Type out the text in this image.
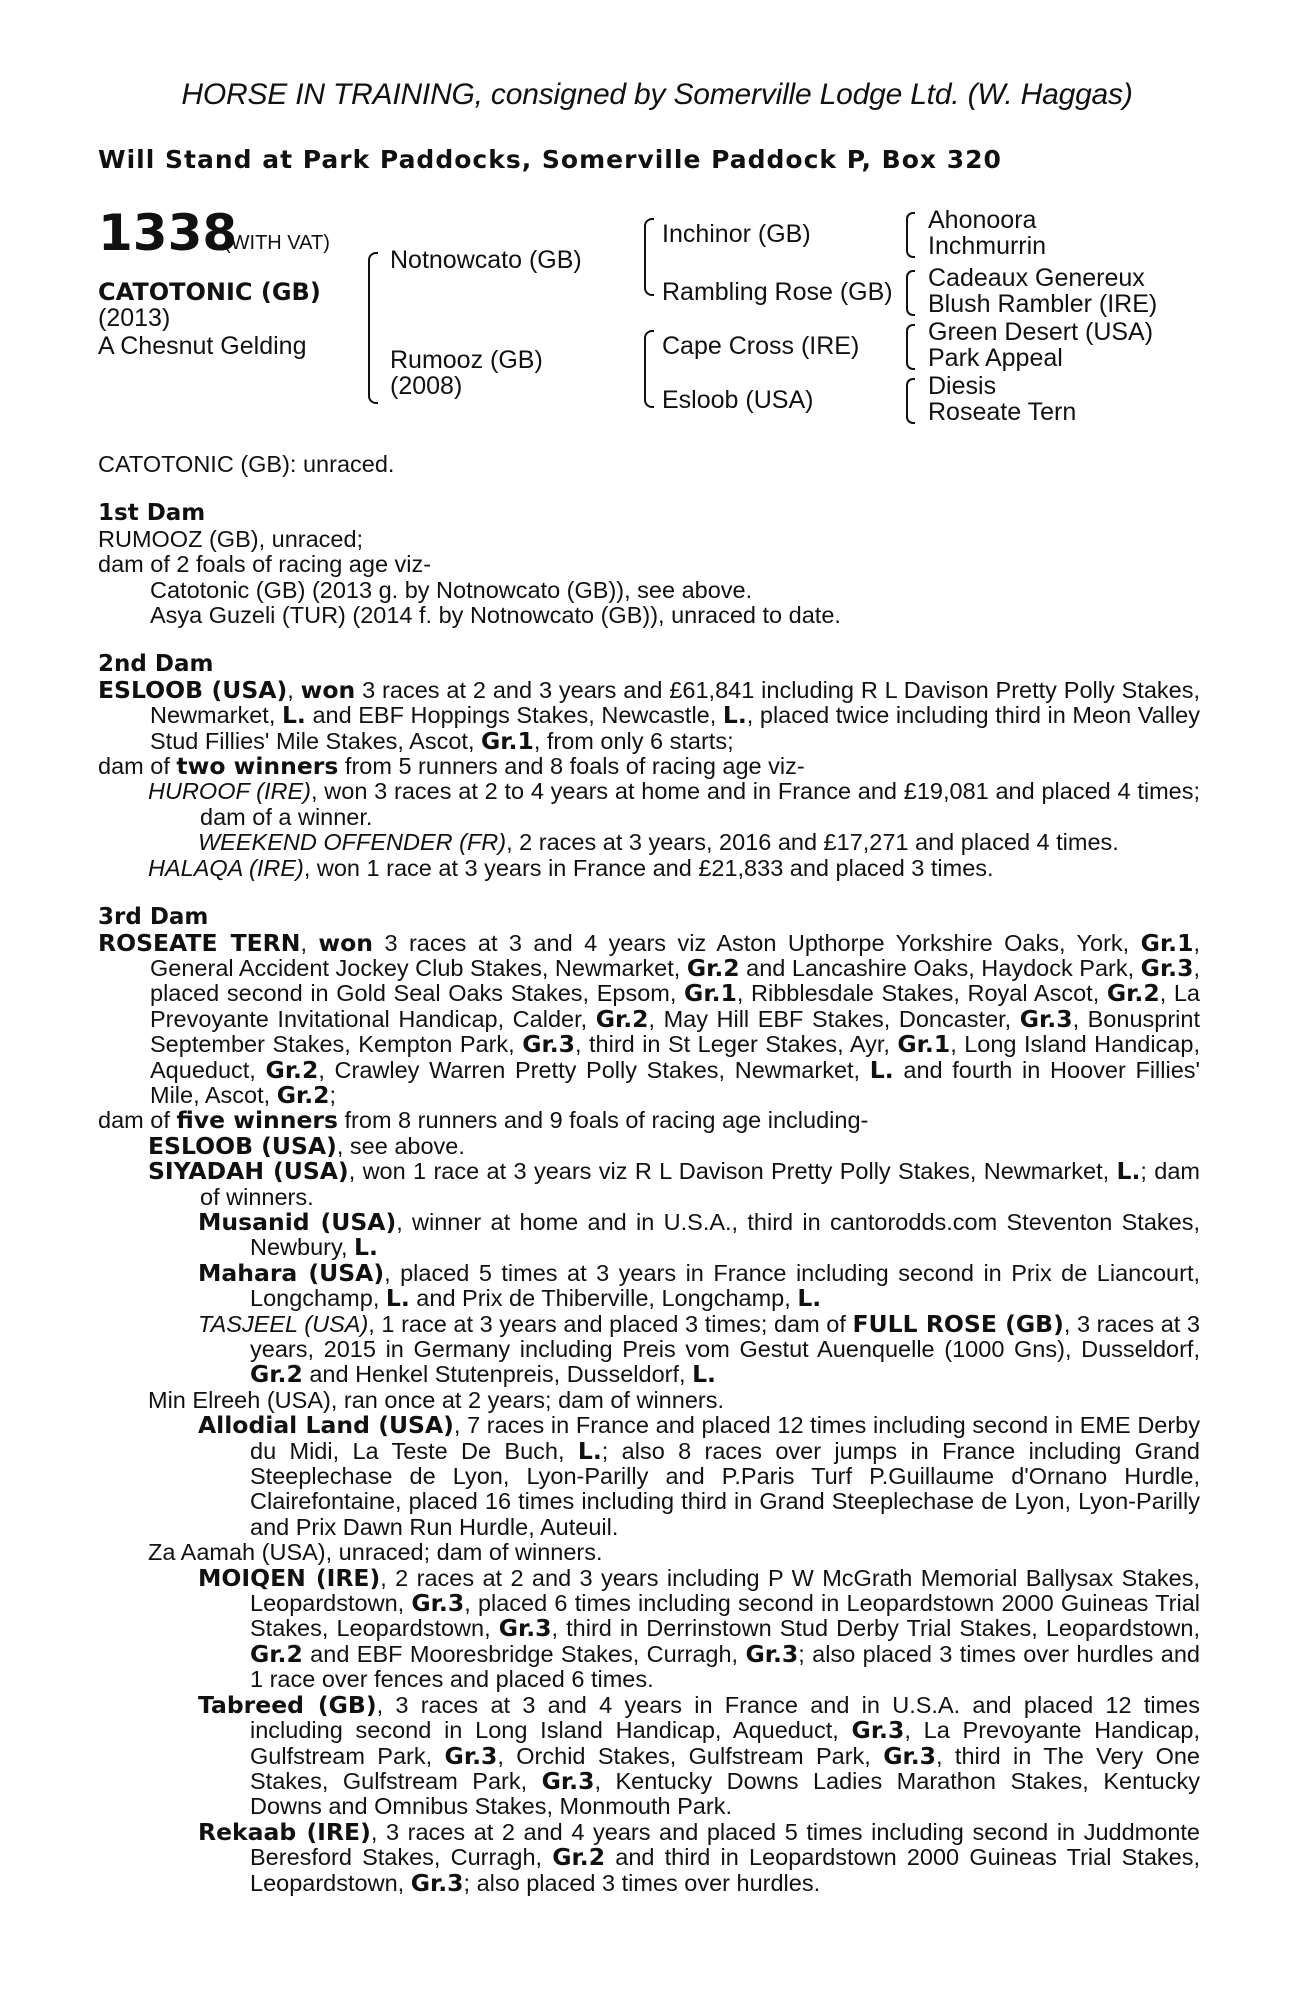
HORSE IN TRAINING, consigned by Somerville Lodge Ltd. (W. Haggas)
Will Stand at Park Paddocks, Somerville Paddock P, Box 320
1338
(WITH VAT)
CATOTONIC (GB)
(2013)
A Chesnut Gelding
Notnowcato (GB)
Rumooz (GB)
(2008)
Inchinor (GB)
Rambling Rose (GB)
Cape Cross (IRE)
Esloob (USA)
Ahonoora
Inchmurrin
Cadeaux Genereux
Blush Rambler (IRE)
Green Desert (USA)
Park Appeal
Diesis
Roseate Tern

CATOTONIC (GB): unraced.

1st Dam

RUMOOZ (GB), unraced;

dam of 2 foals of racing age viz-

Catotonic (GB) (2013 g. by Notnowcato (GB)), see above.

Asya Guzeli (TUR) (2014 f. by Notnowcato (GB)), unraced to date.

2nd Dam

ESLOOB (USA), won 3 races at 2 and 3 years and £61,841 including R L Davison Pretty Polly Stakes, Newmarket, L. and EBF Hoppings Stakes, Newcastle, L., placed twice including third in Meon Valley Stud Fillies' Mile Stakes, Ascot, Gr.1, from only 6 starts;

dam of two winners from 5 runners and 8 foals of racing age viz-

HUROOF (IRE), won 3 races at 2 to 4 years at home and in France and £19,081 and placed 4 times; dam of a winner.

WEEKEND OFFENDER (FR), 2 races at 3 years, 2016 and £17,271 and placed 4 times.

HALAQA (IRE), won 1 race at 3 years in France and £21,833 and placed 3 times.

3rd Dam

ROSEATE TERN, won 3 races at 3 and 4 years viz Aston Upthorpe Yorkshire Oaks, York, Gr.1, General Accident Jockey Club Stakes, Newmarket, Gr.2 and Lancashire Oaks, Haydock Park, Gr.3, placed second in Gold Seal Oaks Stakes, Epsom, Gr.1, Ribblesdale Stakes, Royal Ascot, Gr.2, La Prevoyante Invitational Handicap, Calder, Gr.2, May Hill EBF Stakes, Doncaster, Gr.3, Bonusprint September Stakes, Kempton Park, Gr.3, third in St Leger Stakes, Ayr, Gr.1, Long Island Handicap, Aqueduct, Gr.2, Crawley Warren Pretty Polly Stakes, Newmarket, L. and fourth in Hoover Fillies' Mile, Ascot, Gr.2;

dam of five winners from 8 runners and 9 foals of racing age including-

ESLOOB (USA), see above.

SIYADAH (USA), won 1 race at 3 years viz R L Davison Pretty Polly Stakes, Newmarket, L.; dam of winners.

Musanid (USA), winner at home and in U.S.A., third in cantorodds.com Steventon Stakes, Newbury, L.

Mahara (USA), placed 5 times at 3 years in France including second in Prix de Liancourt, Longchamp, L. and Prix de Thiberville, Longchamp, L.

TASJEEL (USA), 1 race at 3 years and placed 3 times; dam of FULL ROSE (GB), 3 races at 3 years, 2015 in Germany including Preis vom Gestut Auenquelle (1000 Gns), Dusseldorf, Gr.2 and Henkel Stutenpreis, Dusseldorf, L.

Min Elreeh (USA), ran once at 2 years; dam of winners.

Allodial Land (USA), 7 races in France and placed 12 times including second in EME Derby du Midi, La Teste De Buch, L.; also 8 races over jumps in France including Grand Steeplechase de Lyon, Lyon-Parilly and P.Paris Turf P.Guillaume d'Ornano Hurdle, Clairefontaine, placed 16 times including third in Grand Steeplechase de Lyon, Lyon-Parilly and Prix Dawn Run Hurdle, Auteuil.

Za Aamah (USA), unraced; dam of winners.

MOIQEN (IRE), 2 races at 2 and 3 years including P W McGrath Memorial Ballysax Stakes, Leopardstown, Gr.3, placed 6 times including second in Leopardstown 2000 Guineas Trial Stakes, Leopardstown, Gr.3, third in Derrinstown Stud Derby Trial Stakes, Leopardstown, Gr.2 and EBF Mooresbridge Stakes, Curragh, Gr.3; also placed 3 times over hurdles and 1 race over fences and placed 6 times.

Tabreed (GB), 3 races at 3 and 4 years in France and in U.S.A. and placed 12 times including second in Long Island Handicap, Aqueduct, Gr.3, La Prevoyante Handicap, Gulfstream Park, Gr.3, Orchid Stakes, Gulfstream Park, Gr.3, third in The Very One Stakes, Gulfstream Park, Gr.3, Kentucky Downs Ladies Marathon Stakes, Kentucky Downs and Omnibus Stakes, Monmouth Park.

Rekaab (IRE), 3 races at 2 and 4 years and placed 5 times including second in Juddmonte Beresford Stakes, Curragh, Gr.2 and third in Leopardstown 2000 Guineas Trial Stakes, Leopardstown, Gr.3; also placed 3 times over hurdles.
